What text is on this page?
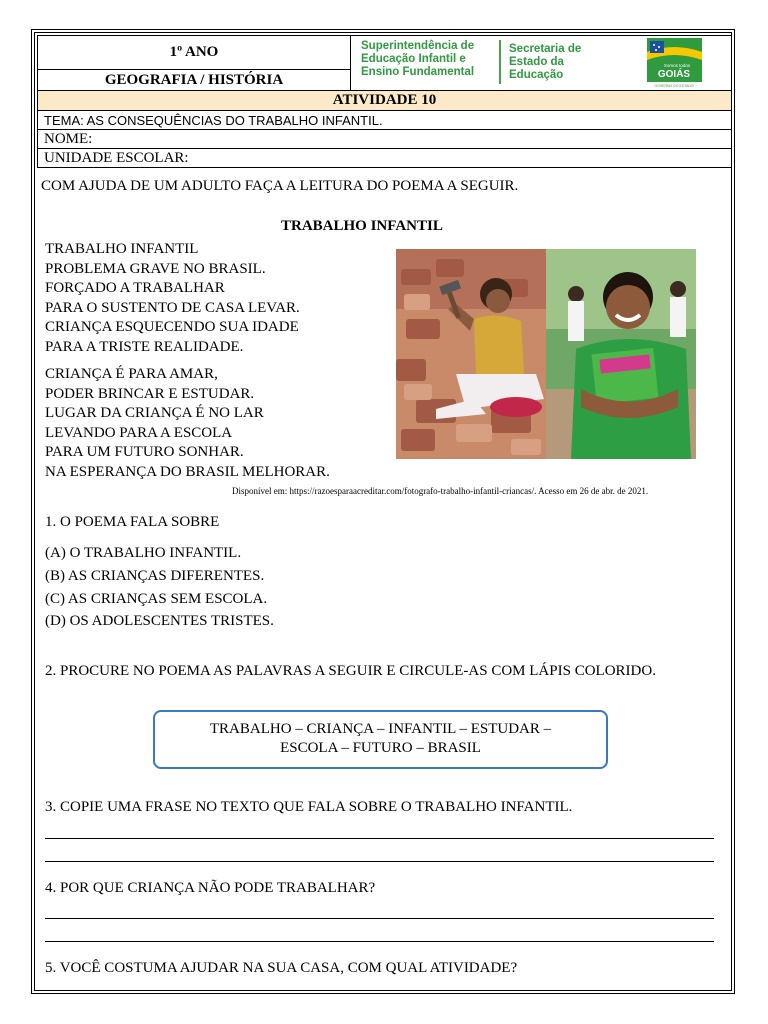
1º ANO	Superintendência de
Educação Infantil e
Ensino Fundamental
Secretaria de
Estado da
Educação
Somos todos
GOIÁS
GOVERNO DO ESTADO

GEOGRAFIA / HISTÓRIA
ATIVIDADE 10
TEMA: AS CONSEQUÊNCIAS DO TRABALHO INFANTIL.
NOME:
UNIDADE ESCOLAR:
COM AJUDA DE UM ADULTO FAÇA A LEITURA DO POEMA A SEGUIR.
TRABALHO INFANTIL
TRABALHO INFANTIL
PROBLEMA GRAVE NO BRASIL.
FORÇADO A TRABALHAR
PARA O SUSTENTO DE CASA LEVAR.
CRIANÇA ESQUECENDO SUA IDADE
PARA A TRISTE REALIDADE.
CRIANÇA É PARA AMAR,
PODER BRINCAR E ESTUDAR.
LUGAR DA CRIANÇA É NO LAR
LEVANDO PARA A ESCOLA
PARA UM FUTURO SONHAR.
NA ESPERANÇA DO BRASIL MELHORAR.
Disponível em: https://razoesparaacreditar.com/fotografo-trabalho-infantil-criancas/. Acesso em 26 de abr. de 2021.
1. O POEMA FALA SOBRE
(A) O TRABALHO INFANTIL.
(B) AS CRIANÇAS DIFERENTES.
(C) AS CRIANÇAS SEM ESCOLA.
(D) OS ADOLESCENTES TRISTES.
2. PROCURE NO POEMA AS PALAVRAS A SEGUIR E CIRCULE-AS COM LÁPIS COLORIDO.
TRABALHO – CRIANÇA – INFANTIL – ESTUDAR –
ESCOLA – FUTURO – BRASIL
3. COPIE UMA FRASE NO TEXTO QUE FALA SOBRE O TRABALHO INFANTIL.
4. POR QUE CRIANÇA NÃO PODE TRABALHAR?
5. VOCÊ COSTUMA AJUDAR NA SUA CASA, COM QUAL ATIVIDADE?
